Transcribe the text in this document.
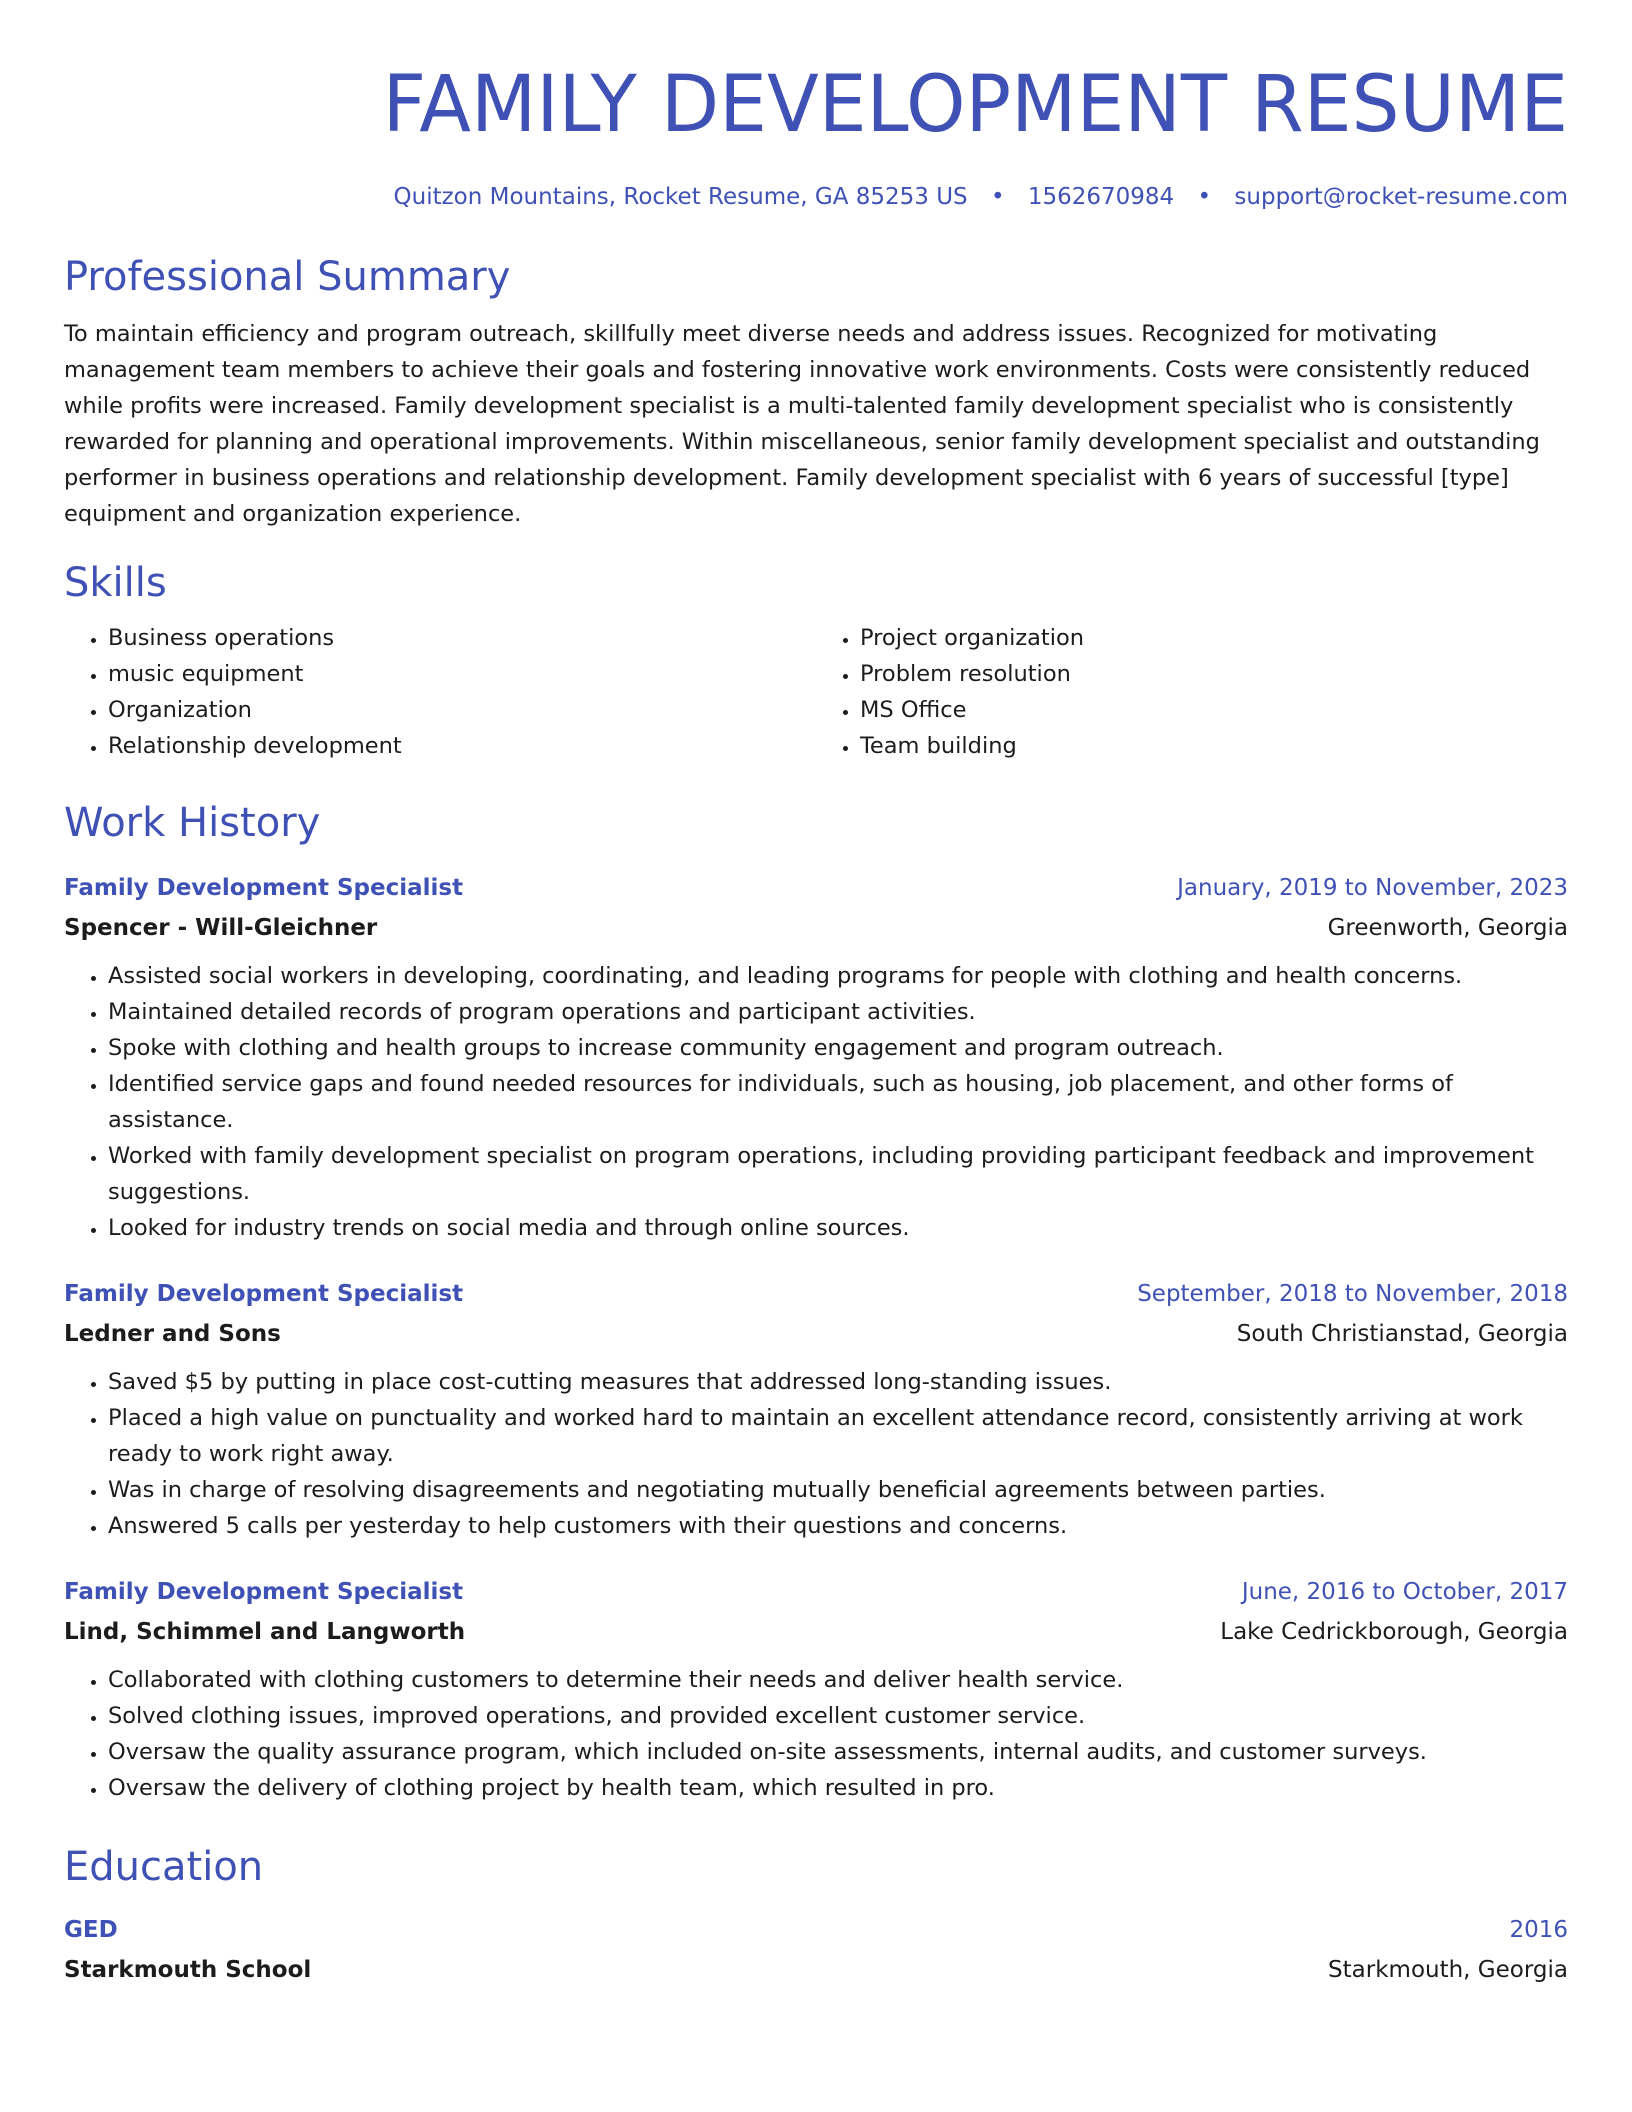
FAMILY DEVELOPMENT RESUME
Quitzon Mountains, Rocket Resume, GA 85253 US • 1562670984 • support@rocket-resume.com
Professional Summary

To maintain efficiency and program outreach, skillfully meet diverse needs and address issues. Recognized for motivating management team members to achieve their goals and fostering innovative work environments. Costs were consistently reduced while profits were increased. Family development specialist is a multi-talented family development specialist who is consistently rewarded for planning and operational improvements. Within miscellaneous, senior family development specialist and outstanding performer in business operations and relationship development. Family development specialist with 6 years of successful [type] equipment and organization experience.

Skills
• Business operations
• music equipment
• Organization
• Relationship development
• Project organization
• Problem resolution
• MS Office
• Team building
Work History
Family Development Specialist	January, 2019 to November, 2023
Spencer - Will-Gleichner	Greenworth, Georgia
• Assisted social workers in developing, coordinating, and leading programs for people with clothing and health concerns.
• Maintained detailed records of program operations and participant activities.
• Spoke with clothing and health groups to increase community engagement and program outreach.
• Identified service gaps and found needed resources for individuals, such as housing, job placement, and other forms of assistance.
• Worked with family development specialist on program operations, including providing participant feedback and improvement suggestions.
• Looked for industry trends on social media and through online sources.
Family Development Specialist	September, 2018 to November, 2018
Ledner and Sons	South Christianstad, Georgia
• Saved $5 by putting in place cost-cutting measures that addressed long-standing issues.
• Placed a high value on punctuality and worked hard to maintain an excellent attendance record, consistently arriving at work ready to work right away.
• Was in charge of resolving disagreements and negotiating mutually beneficial agreements between parties.
• Answered 5 calls per yesterday to help customers with their questions and concerns.
Family Development Specialist	June, 2016 to October, 2017
Lind, Schimmel and Langworth	Lake Cedrickborough, Georgia
• Collaborated with clothing customers to determine their needs and deliver health service.
• Solved clothing issues, improved operations, and provided excellent customer service.
• Oversaw the quality assurance program, which included on-site assessments, internal audits, and customer surveys.
• Oversaw the delivery of clothing project by health team, which resulted in pro.
Education
GED	2016
Starkmouth School	Starkmouth, Georgia
